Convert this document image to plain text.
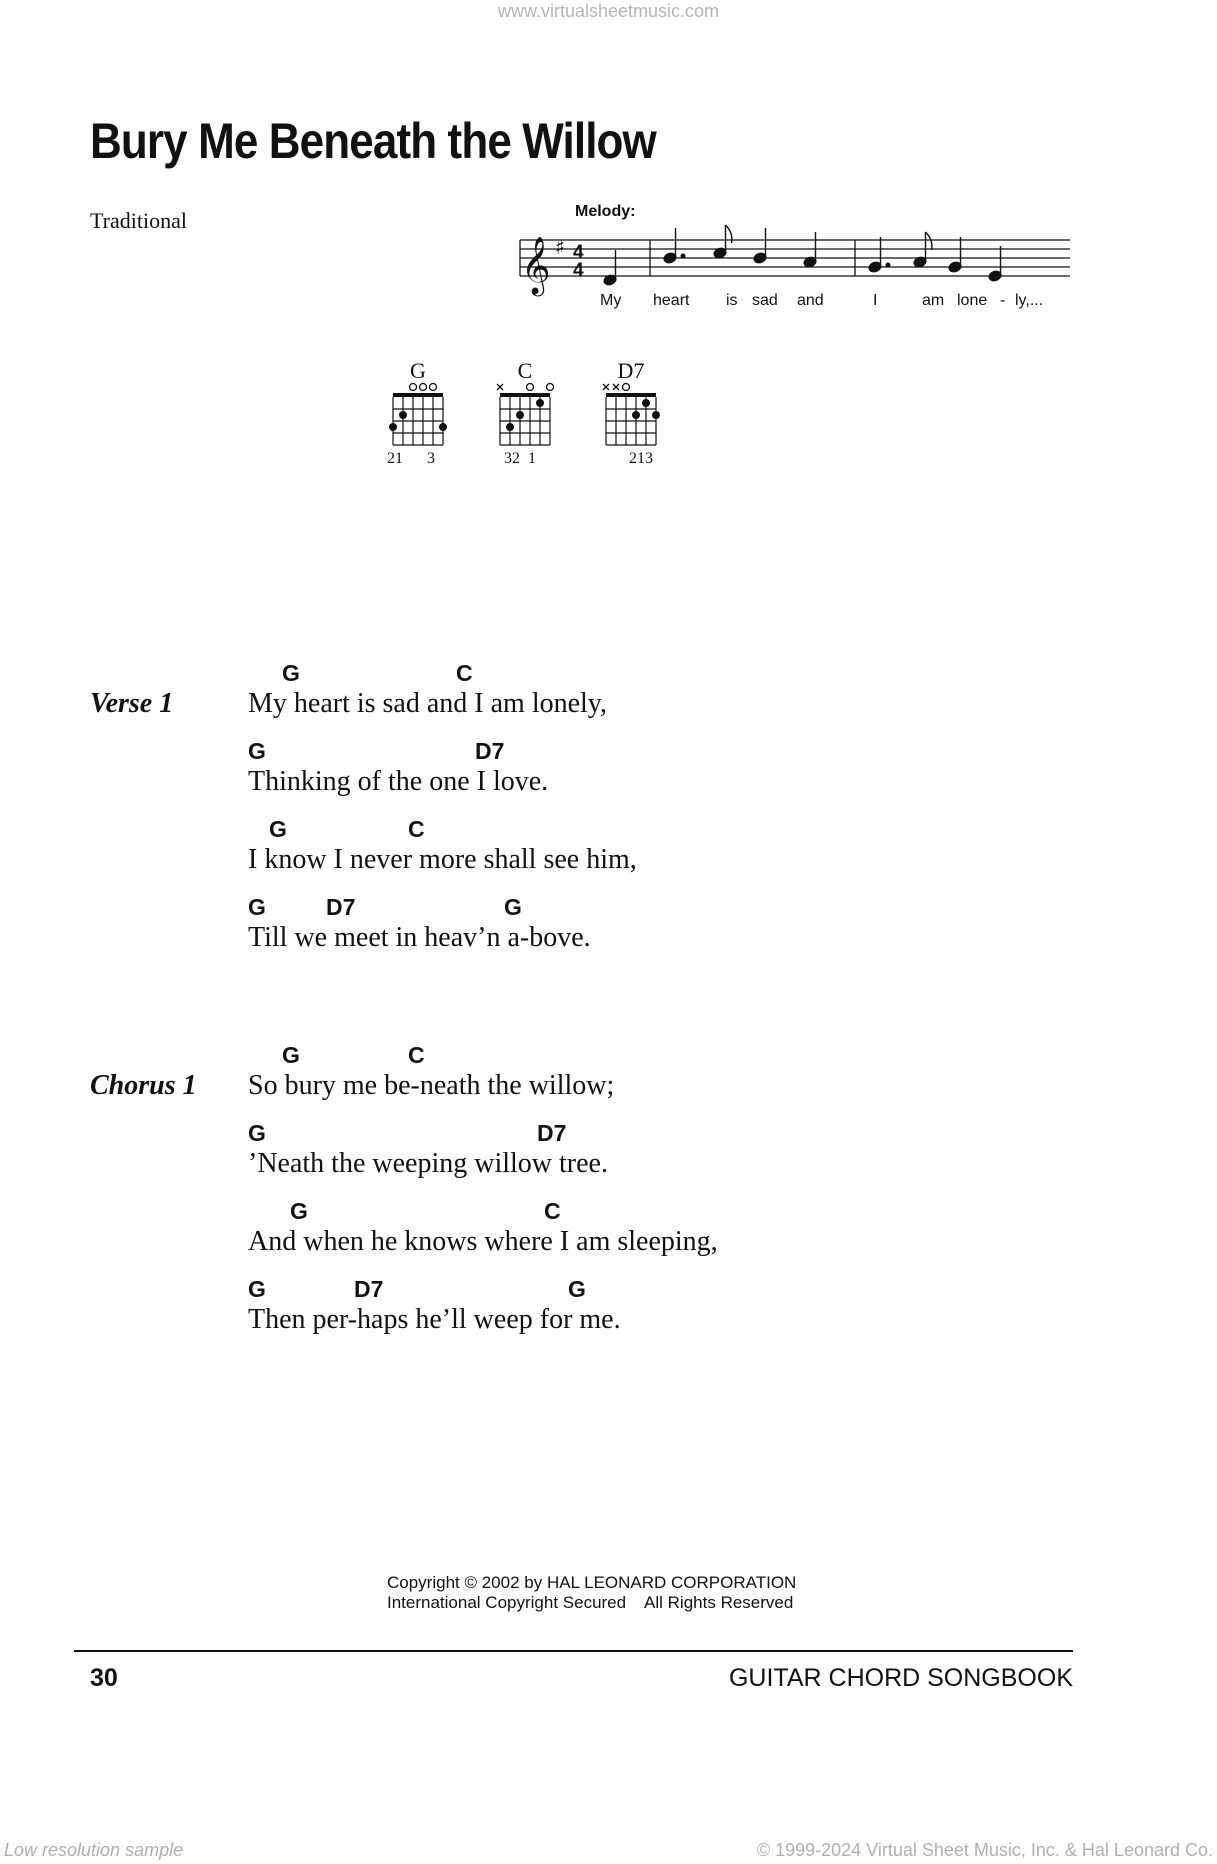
www.virtualsheetmusic.com
Bury Me Beneath the Willow
Traditional	Melody:
𝄞 ♯ 4
4
My heart is sad and	I	am lone - ly,...
G
21      3
C
32  1
D7
213
Verse 1
G	C
My heart is sad and I am lonely,
G	D7
Thinking of the one I love.
G	C
I know I never more shall see him,
G	D7	G
Till we meet in heav’n a-bove.
Chorus 1
G	C
So bury me be-neath the willow;
G	D7
’Neath the weeping willow tree.
G	C
And when he knows where I am sleeping,
G	D7	G
Then per-haps he’ll weep for me.
Copyright © 2002 by HAL LEONARD CORPORATION
International Copyright Secured    All Rights Reserved
30	GUITAR CHORD SONGBOOK
Low resolution sample	© 1999-2024 Virtual Sheet Music, Inc. & Hal Leonard Co.
